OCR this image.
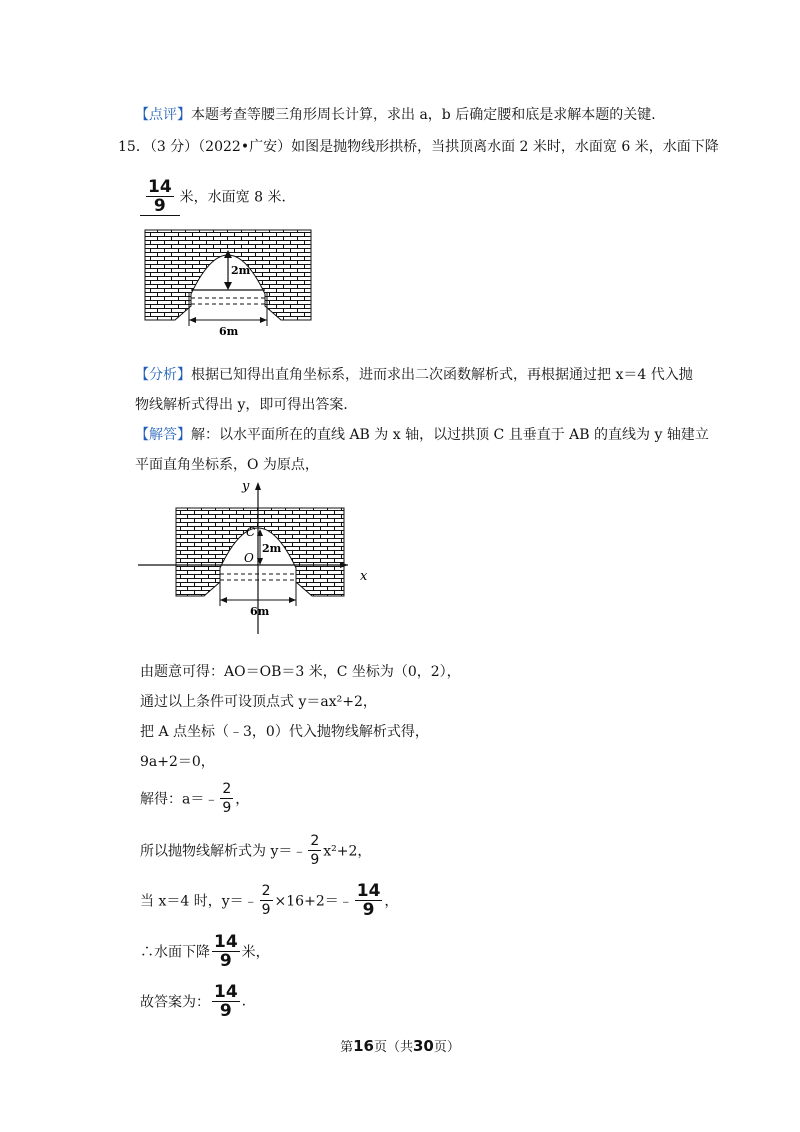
【点评】本题考查等腰三角形周长计算，求出 a，b 后确定腰和底是求解本题的关键．
15．（3 分）（2022•广安）如图是抛物线形拱桥，当拱顶离水面 2 米时，水面宽 6 米，水面下降
$\frac{14}{9}$ 米，水面宽 8 米．
2m
6m
【分析】根据已知得出直角坐标系，进而求出二次函数解析式，再根据通过把 x＝4 代入抛
物线解析式得出 y，即可得出答案．
【解答】解：以水平面所在的直线 AB 为 x 轴，以过拱顶 C 且垂直于 AB 的直线为 y 轴建立
平面直角坐标系，O 为原点，
x
y
C
O
2m
6m
由题意可得：AO＝OB＝3 米，C 坐标为（0，2），
通过以上条件可设顶点式 y＝ax²+2，
把 A 点坐标（﹣3，0）代入抛物线解析式得，
9a+2＝0，
解得：a＝﹣ $\frac{2}{9}$ ，
所以抛物线解析式为 y＝﹣ $\frac{2}{9} x^2+2$，
当 x＝4 时，y＝﹣ $\frac{2}{9}$ ×16+2＝﹣ $\frac{14}{9}$ ，
∴水面下降 $\frac{14}{9}$ 米，
故答案为： $\frac{14}{9}$ .
第16页（共30页）
